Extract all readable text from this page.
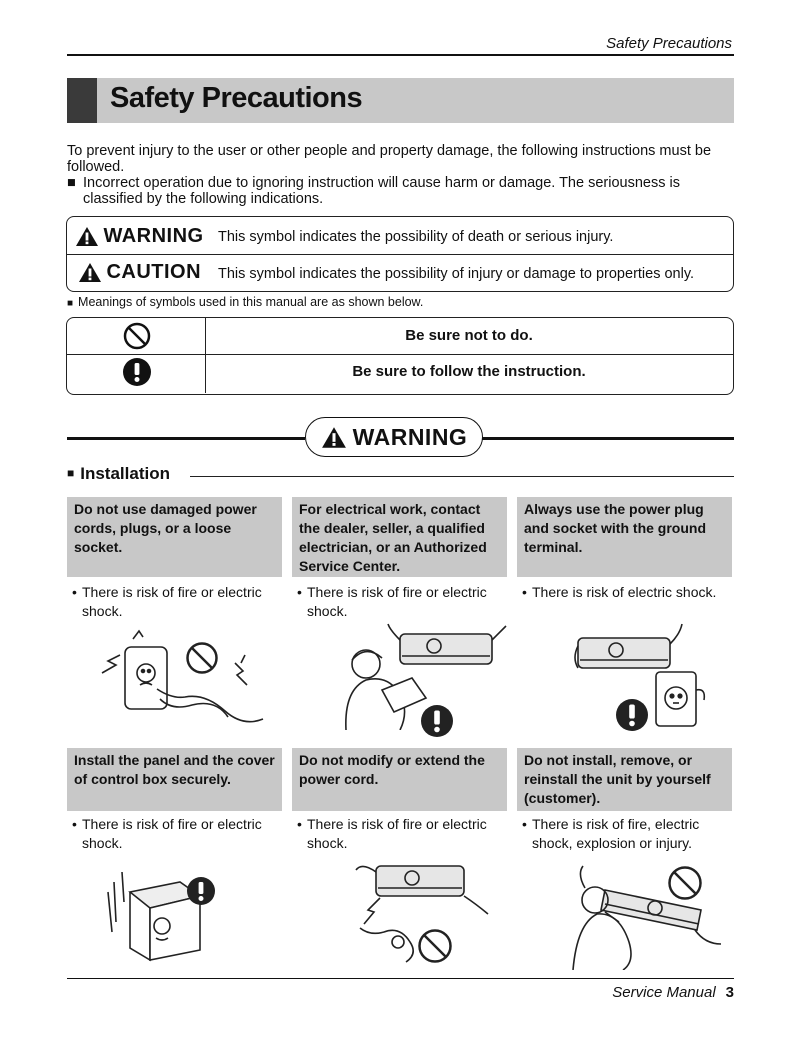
Safety Precautions
Safety Precautions
To prevent injury to the user or other people and property damage, the following instructions must be followed.
■ Incorrect operation due to ignoring instruction will cause harm or damage. The seriousness is classified by the following indications.
WARNING This symbol indicates the possibility of death or serious injury.
CAUTION This symbol indicates the possibility of injury or damage to properties only.
■ Meanings of symbols used in this manual are as shown below.
Be sure not to do.
Be sure to follow the instruction.
WARNING
■ Installation
Do not use damaged power cords, plugs, or a loose socket.
For electrical work, contact the dealer, seller, a qualified electrician, or an Authorized Service Center.
Always use the power plug and socket with the ground terminal.
• There is risk of fire or electric shock.
• There is risk of fire or electric shock.
• There is risk of electric shock.
Install the panel and the cover of control box securely.
Do not modify or extend the power cord.
Do not install, remove, or reinstall the unit by yourself (customer).
• There is risk of fire or electric shock.
• There is risk of fire or electric shock.
• There is risk of fire, electric shock, explosion or injury.
Service Manual 3
